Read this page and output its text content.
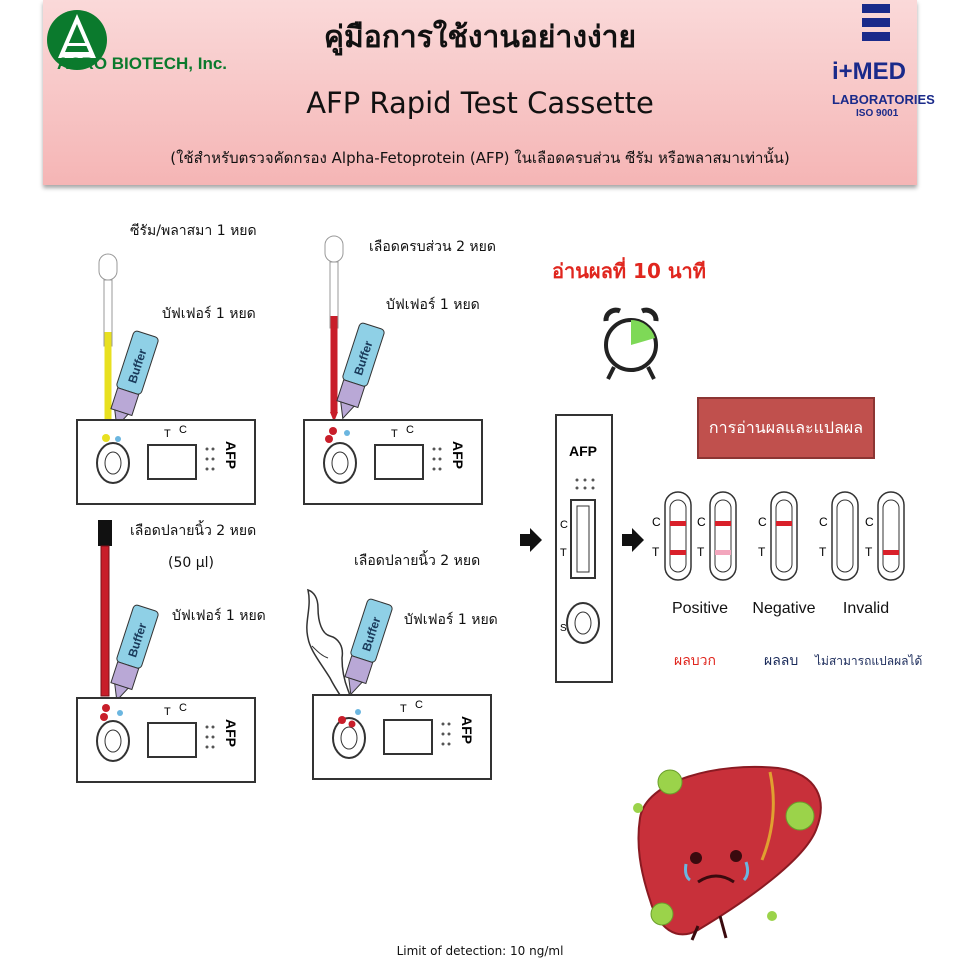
ACRO BIOTECH, Inc.	i+MED
LABORATORIES
ISO 9001
คู่มือการใช้งานอย่างง่าย
AFP Rapid Test Cassette
(ใช้สำหรับตรวจคัดกรอง Alpha-Fetoprotein (AFP) ในเลือดครบส่วน ซีรัม หรือพลาสมาเท่านั้น)
ซีรัม/พลาสมา 1 หยด
บัฟเฟอร์ 1 หยด
Buffer
AFP
T C
เลือดครบส่วน 2 หยด
บัฟเฟอร์ 1 หยด
Buffer
AFP
T C
เลือดปลายนิ้ว 2 หยด
(50 µl)
บัฟเฟอร์ 1 หยด
Buffer
AFP
T C
เลือดปลายนิ้ว 2 หยด
บัฟเฟอร์ 1 หยด
Buffer
AFP
T C
อ่านผลที่ 10 นาที
AFP
C
T
S
การอ่านผลและแปลผล
C
T
C
T
C
T
C
T
C
T
Positive	Negative	Invalid
ผลบวก	ผลลบ ไม่สามารถแปลผลได้
Limit of detection: 10 ng/ml
